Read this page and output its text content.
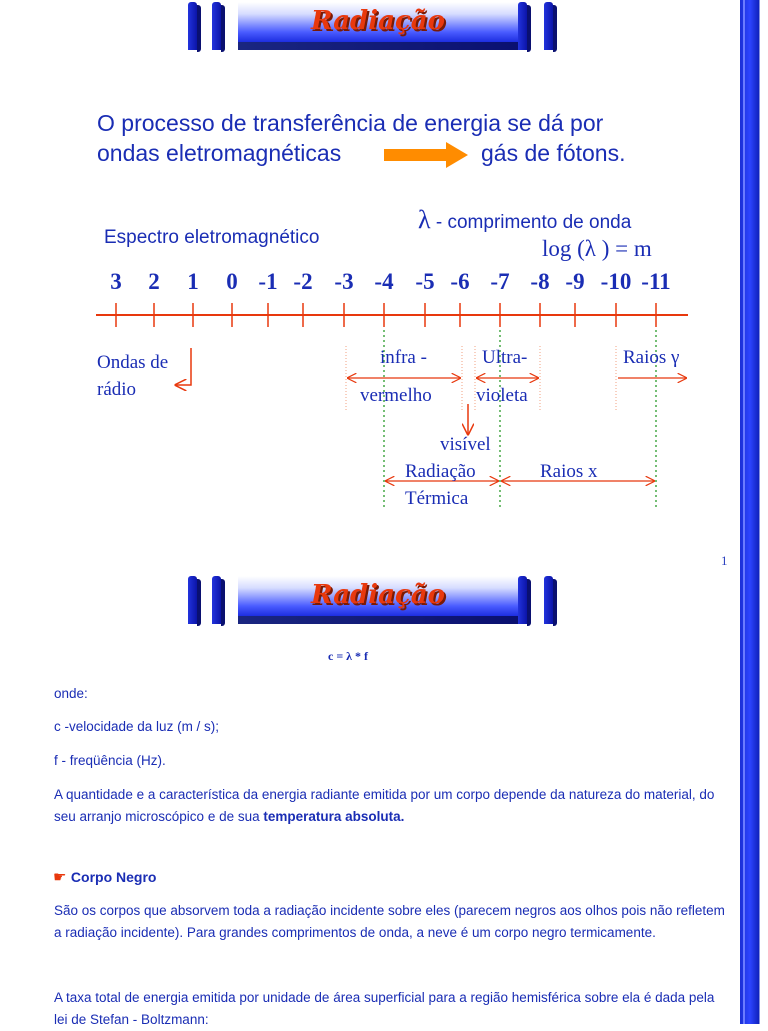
Radiação
O processo de transferência de energia se dá por
ondas eletromagnéticas	gás de fótons.
Espectro eletromagnético
λ - comprimento de onda
log (λ ) = m
3	2	1	0 -1 -2 -3 -4 -5 -6 -7 -8 -9 -10 -11
Ondas de
rádio
infra -
vermelho
Ultra-
violeta
Raios γ
visível
Radiação
Térmica
Raios x
1
Radiação
c = λ * f
onde:
c -velocidade da luz (m / s);
f - freqüência (Hz).
A quantidade e a característica da energia radiante emitida por um corpo depende da natureza do material, do seu arranjo microscópico e de sua temperatura absoluta.
☛ Corpo Negro
São os corpos que absorvem toda a radiação incidente sobre eles (parecem negros aos olhos pois não refletem a radiação incidente). Para grandes comprimentos de onda, a neve é um corpo negro termicamente.
A taxa total de energia emitida por unidade de área superficial para a região hemisférica sobre ela é dada pela lei de Stefan - Boltzmann:
